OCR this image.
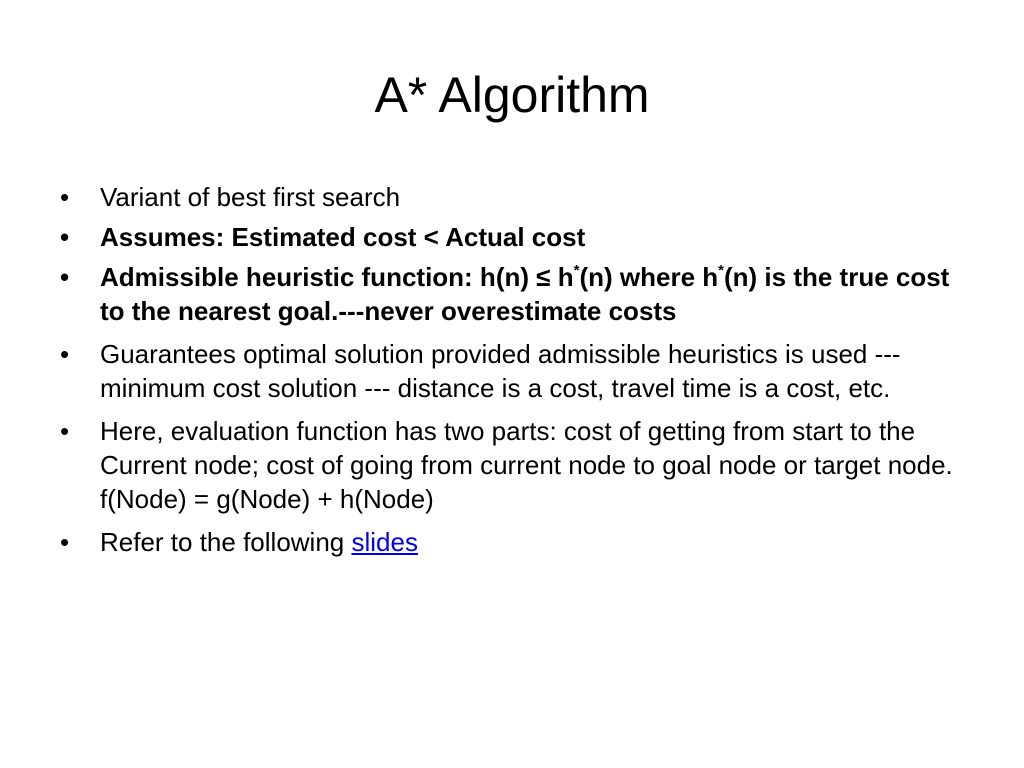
A* Algorithm
•	Variant of best first search
•	Assumes: Estimated cost < Actual cost
•	Admissible heuristic function: h(n) ≤ h*(n) where h*(n) is the true cost to the nearest goal.---never overestimate costs
•	Guarantees optimal solution provided admissible heuristics is used ---minimum cost solution --- distance is a cost, travel time is a cost, etc.
•	Here, evaluation function has two parts: cost of getting from start to the Current node; cost of going from current node to goal node or target node. f(Node) = g(Node) + h(Node)
•	Refer to the following slides
